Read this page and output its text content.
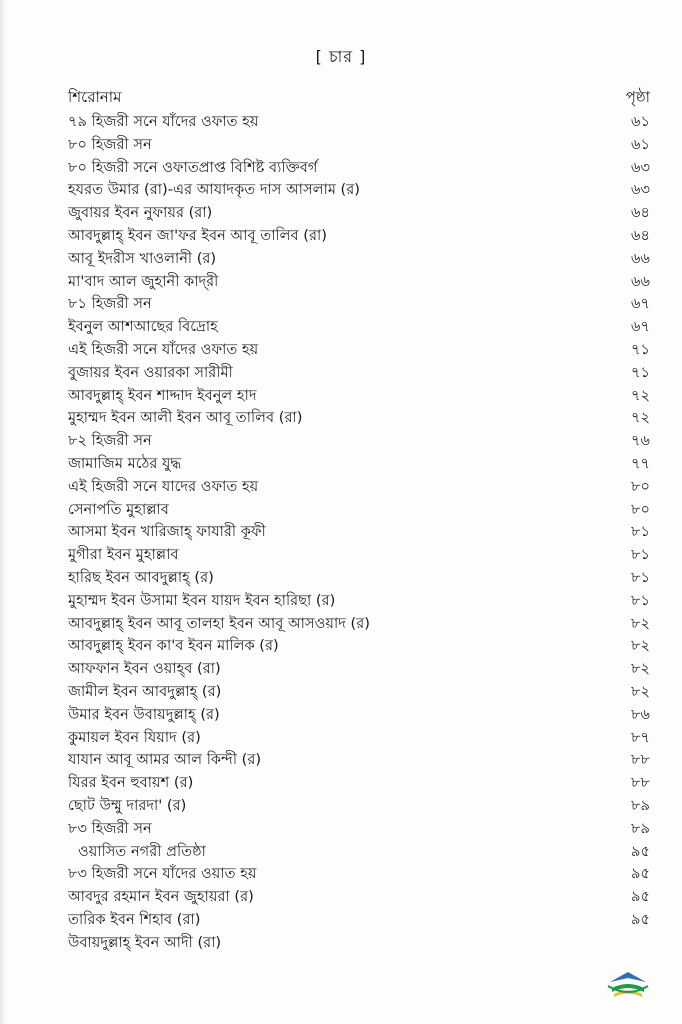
[ চার ]
শিরোনাম	পৃষ্ঠা
৭৯ হিজরী সনে যাঁদের ওফাত হয়	৬১
৮০ হিজরী সন	৬১
৮০ হিজরী সনে ওফাতপ্রাপ্ত বিশিষ্ট ব্যক্তিবর্গ	৬৩
হযরত উমার (রা)-এর আযাদকৃত দাস আসলাম (র)	৬৩
জুবায়র ইবন নুফায়র (রা)	৬৪
আবদুল্লাহ্ ইবন জা'ফর ইবন আবূ তালিব (রা)	৬৪
আবূ ইদরীস খাওলানী (র)	৬৬
মা'বাদ আল জুহানী কাদ্‌রী	৬৬
৮১ হিজরী সন	৬৭
ইবনুল আশআছের বিদ্রোহ	৬৭
এই হিজরী সনে যাঁদের ওফাত হয়	৭১
বুজায়র ইবন ওয়ারকা সারীমী	৭১
আবদুল্লাহ্ ইবন শাদ্দাদ ইবনুল হাদ	৭২
মুহাম্মদ ইবন আলী ইবন আবূ তালিব (রা)	৭২
৮২ হিজরী সন	৭৬
জামাজিম মঠের যুদ্ধ	৭৭
এই হিজরী সনে যাদের ওফাত হয়	৮০
সেনাপতি মুহাল্লাব	৮০
আসমা ইবন খারিজাহ্‌ ফাযারী কূফী	৮১
মুগীরা ইবন মুহাল্লাব	৮১
হারিছ ইবন আবদুল্লাহ্ (র)	৮১
মুহাম্মদ ইবন উসামা ইবন যায়দ ইবন হারিছা (র)	৮১
আবদুল্লাহ্ ইবন আবূ তালহা ইবন আবূ আসওয়াদ (র)	৮২
আবদুল্লাহ্ ইবন কা'ব ইবন মালিক (র)	৮২
আফফান ইবন ওয়াহ্‌ব (রা)	৮২
জামীল ইবন আবদুল্লাহ্ (র)	৮২
উমার ইবন উবায়দুল্লাহ্ (র)	৮৬
কুমায়ল ইবন যিয়াদ (র)	৮৭
যাযান আবূ আমর আল কিন্দী (র)	৮৮
যিরর ইবন হুবায়শ (র)	৮৮
ছোট উম্মু দারদা' (র)	৮৯
৮৩ হিজরী সন	৮৯
ওয়াসিত নগরী প্রতিষ্ঠা	৯৫
৮৩ হিজরী সনে যাঁদের ওয়াত হয়	৯৫
আবদুর রহমান ইবন জুহায়রা (র)	৯৫
তারিক ইবন শিহাব (রা)	৯৫
উবায়দুল্লাহ্ ইবন আদী (রা)
